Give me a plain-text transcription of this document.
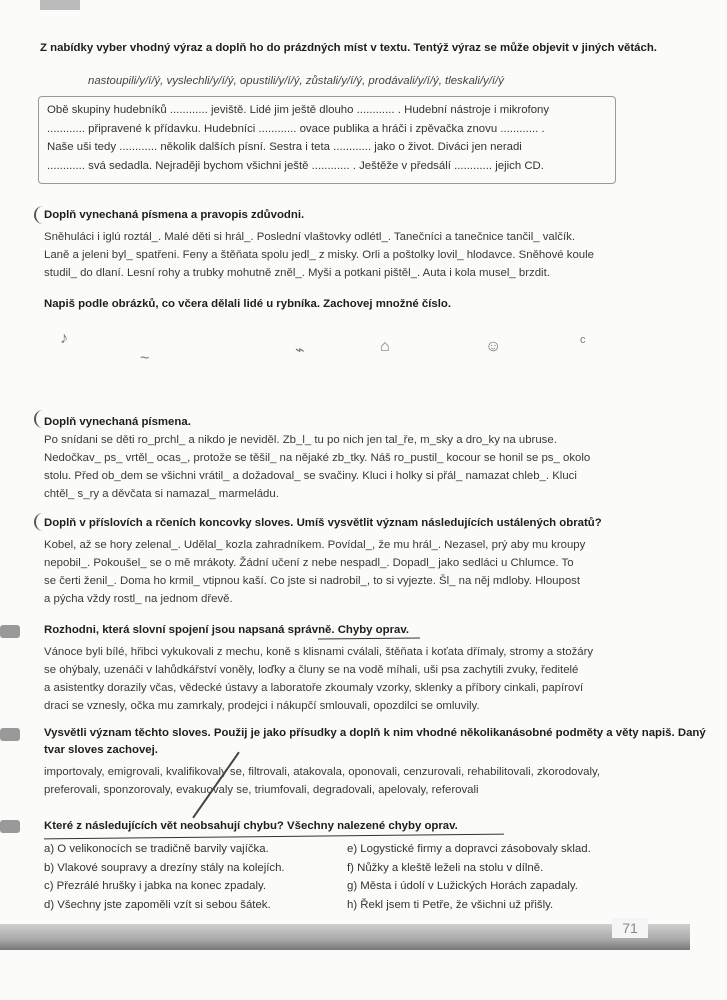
Z nabídky vyber vhodný výraz a doplň ho do prázdných míst v textu. Tentýž výraz se může objevit v jiných větách.
nastoupili/y/í/ý, vyslechli/y/í/ý, opustili/y/í/ý, zůstali/y/í/ý, prodávali/y/í/ý, tleskali/y/í/ý
Obě skupiny hudebníků ............ jeviště. Lidé jim ještě dlouho ............ . Hudební nástroje i mikrofony
............ připravené k přídavku. Hudebníci ............ ovace publika a hráči i zpěvačka znovu ............ .
Naše uši tedy ............ několik dalších písní. Sestra i teta ............ jako o život. Diváci jen neradi
............ svá sedadla. Nejraději bychom všichni ještě ............ . Ještěže v předsálí ............ jejich CD.
Doplň vynechaná písmena a pravopis zdůvodni.
Sněhuláci i iglú roztál_. Malé děti si hrál_. Poslední vlaštovky odlétl_. Tanečníci a tanečnice tančil_ valčík.
Laně a jeleni byl_ spatřeni. Feny a štěňata spolu jedl_ z misky. Orli a poštolky lovil_ hlodavce. Sněhové koule
studil_ do dlaní. Lesní rohy a trubky mohutně zněl_. Myši a potkani pištěl_. Auta i kola musel_ brzdit.
Napiš podle obrázků, co včera dělali lidé u rybníka. Zachovej množné číslo.
♪
~	⌁	⌂	☺	ᶜ
Doplň vynechaná písmena.
Po snídani se děti ro_prchl_ a nikdo je neviděl. Zb_l_ tu po nich jen tal_ře, m_sky a dro_ky na ubruse.
Nedočkav_ ps_ vrtěl_ ocas_, protože se těšil_ na nějaké zb_tky. Náš ro_pustil_ kocour se honil se ps_ okolo
stolu. Před ob_dem se všichni vrátil_ a dožadoval_ se svačiny. Kluci i holky si přál_ namazat chleb_. Kluci
chtěl_ s_ry a děvčata si namazal_ marmeládu.
Doplň v příslovích a rčeních koncovky sloves. Umíš vysvětlit význam následujících ustálených obratů?
Kobel, až se hory zelenal_. Udělal_ kozla zahradníkem. Povídal_, že mu hrál_. Nezasel, prý aby mu kroupy
nepobil_. Pokoušel_ se o mě mrákoty. Žádní učení z nebe nespadl_. Dopadl_ jako sedláci u Chlumce. To
se čerti ženil_. Doma ho krmil_ vtipnou kaší. Co jste si nadrobil_, to si vyjezte. Šl_ na něj mdloby. Hloupost
a pýcha vždy rostl_ na jednom dřevě.
Rozhodni, která slovní spojení jsou napsaná správně. Chyby oprav.
Vánoce byli bílé, hřibci vykukovali z mechu, koně s klisnami cválali, štěňata i koťata dřímaly, stromy a stožáry
se ohýbaly, uzenáči v lahůdkářství voněly, loďky a čluny se na vodě míhali, uši psa zachytili zvuky, ředitelé
a asistentky dorazily včas, vědecké ústavy a laboratoře zkoumaly vzorky, sklenky a příbory cinkali, papíroví
draci se vznesly, očka mu zamrkaly, prodejci i nákupčí smlouvali, opozdilci se omluvily.
Vysvětli význam těchto sloves. Použij je jako přísudky a doplň k nim vhodné několikanásobné podměty a věty napiš. Daný tvar sloves zachovej.
importovaly, emigrovali, kvalifikovaly se, filtrovali, atakovala, oponovali, cenzurovali, rehabilitovali, zkorodovaly,
preferovali, sponzorovaly, evakuovaly se, triumfovali, degradovali, apelovaly, referovali
Které z následujících vět neobsahují chybu? Všechny nalezené chyby oprav.
a) O velikonocích se tradičně barvily vajíčka.
b) Vlakové soupravy a drezíny stály na kolejích.
c) Přezrálé hrušky i jabka na konec zpadaly.
d) Všechny jste zapoměli vzít si sebou šátek.
e) Logystické firmy a dopravci zásobovaly sklad.
f) Nůžky a kleště leželi na stolu v dílně.
g) Města i údolí v Lužických Horách zapadaly.
h) Řekl jsem ti Petře, že všichni už přišly.
71
